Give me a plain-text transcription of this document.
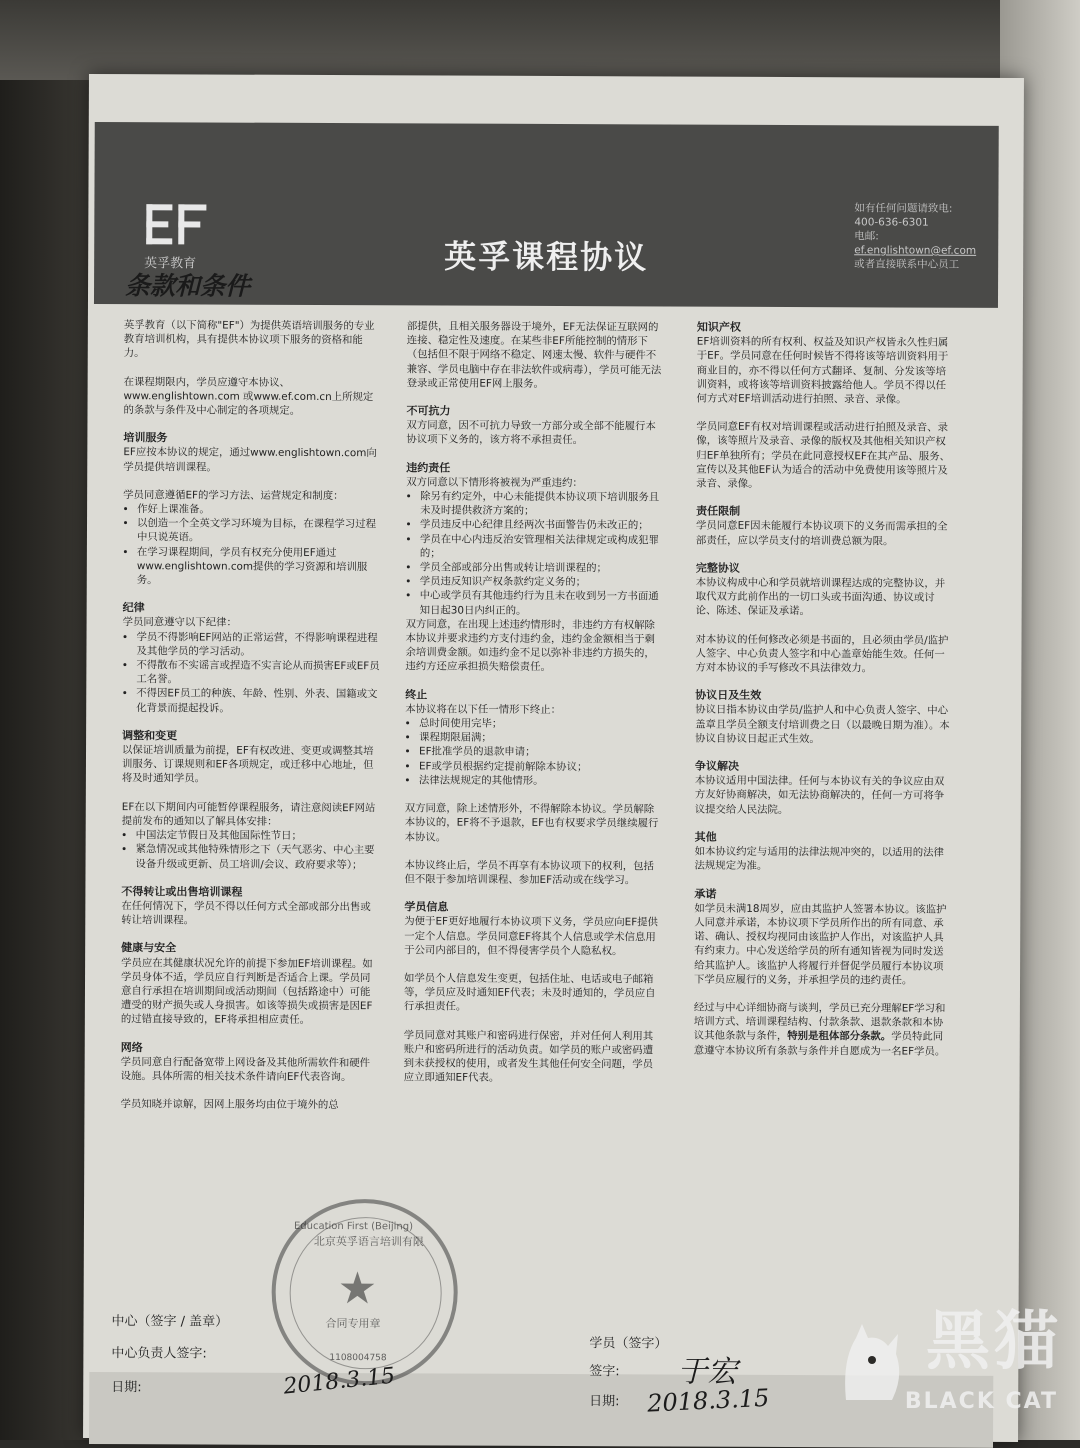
英孚教育	英孚课程协议
如有任何问题请致电:
400-636-6301
电邮: ef.englishtown@ef.com
或者直接联系中心员工
条款和条件

英孚教育（以下简称"EF"）为提供英语培训服务的专业教育培训机构，具有提供本协议项下服务的资格和能力。

在课程期限内，学员应遵守本协议、www.englishtown.com 或www.ef.com.cn上所规定的条款与条件及中心制定的各项规定。

培训服务

EF应按本协议的规定，通过www.englishtown.com向学员提供培训课程。

学员同意遵循EF的学习方法、运营规定和制度：

• 作好上课准备。
• 以创造一个全英文学习环境为目标，在课程学习过程中只说英语。
• 在学习课程期间，学员有权充分使用EF通过www.englishtown.com提供的学习资源和培训服务。
纪律

学员同意遵守以下纪律：

• 学员不得影响EF网站的正常运营，不得影响课程进程及其他学员的学习活动。
• 不得散布不实谣言或捏造不实言论从而损害EF或EF员工名誉。
• 不得因EF员工的种族、年龄、性别、外表、国籍或文化背景而提起投诉。
调整和变更

以保证培训质量为前提，EF有权改进、变更或调整其培训服务、订课规则和EF各项规定，或迁移中心地址，但将及时通知学员。

EF在以下期间内可能暂停课程服务，请注意阅读EF网站提前发布的通知以了解具体安排：

• 中国法定节假日及其他国际性节日；
• 紧急情况或其他特殊情形之下（天气恶劣、中心主要设备升级或更新、员工培训/会议、政府要求等）；
不得转让或出售培训课程

在任何情况下，学员不得以任何方式全部或部分出售或转让培训课程。

健康与安全

学员应在其健康状况允许的前提下参加EF培训课程。如学员身体不适，学员应自行判断是否适合上课。学员同意自行承担在培训期间或活动期间（包括路途中）可能遭受的财产损失或人身损害。如该等损失或损害是因EF的过错直接导致的，EF将承担相应责任。

网络

学员同意自行配备宽带上网设备及其他所需软件和硬件设施。具体所需的相关技术条件请向EF代表咨询。

学员知晓并谅解，因网上服务均由位于境外的总

部提供，且相关服务器设于境外，EF无法保证互联网的连接、稳定性及速度。在某些非EF所能控制的情形下（包括但不限于网络不稳定、网速太慢、软件与硬件不兼容、学员电脑中存在非法软件或病毒），学员可能无法登录或正常使用EF网上服务。

不可抗力

双方同意，因不可抗力导致一方部分或全部不能履行本协议项下义务的，该方将不承担责任。

违约责任

双方同意以下情形将被视为严重违约：

• 除另有约定外，中心未能提供本协议项下培训服务且未及时提供救济方案的；
• 学员违反中心纪律且经两次书面警告仍未改正的；
• 学员在中心内违反治安管理相关法律规定或构成犯罪的；
• 学员全部或部分出售或转让培训课程的；
• 学员违反知识产权条款约定义务的；
• 中心或学员有其他违约行为且未在收到另一方书面通知日起30日内纠正的。

双方同意，在出现上述违约情形时，非违约方有权解除本协议并要求违约方支付违约金，违约金金额相当于剩余培训费金额。如违约金不足以弥补非违约方损失的，违约方还应承担损失赔偿责任。

终止

本协议将在以下任一情形下终止：

• 总时间使用完毕；
• 课程期限届满；
• EF批准学员的退款申请；
• EF或学员根据约定提前解除本协议；
• 法律法规规定的其他情形。

双方同意，除上述情形外，不得解除本协议。学员解除本协议的，EF将不予退款，EF也有权要求学员继续履行本协议。

本协议终止后，学员不再享有本协议项下的权利，包括但不限于参加培训课程、参加EF活动或在线学习。

学员信息

为便于EF更好地履行本协议项下义务，学员应向EF提供一定个人信息。学员同意EF将其个人信息或学术信息用于公司内部目的，但不得侵害学员个人隐私权。

如学员个人信息发生变更，包括住址、电话或电子邮箱等，学员应及时通知EF代表；未及时通知的，学员应自行承担责任。

学员同意对其账户和密码进行保密，并对任何人利用其账户和密码所进行的活动负责。如学员的账户或密码遭到未获授权的使用，或者发生其他任何安全问题，学员应立即通知EF代表。

知识产权

EF培训资料的所有权利、权益及知识产权皆永久性归属于EF。学员同意在任何时候皆不得将该等培训资料用于商业目的，亦不得以任何方式翻译、复制、分发该等培训资料，或将该等培训资料披露给他人。学员不得以任何方式对EF培训活动进行拍照、录音、录像。

学员同意EF有权对培训课程或活动进行拍照及录音、录像，该等照片及录音、录像的版权及其他相关知识产权归EF单独所有；学员在此同意授权EF在其产品、服务、宣传以及其他EF认为适合的活动中免费使用该等照片及录音、录像。

责任限制

学员同意EF因未能履行本协议项下的义务而需承担的全部责任，应以学员支付的培训费总额为限。

完整协议

本协议构成中心和学员就培训课程达成的完整协议，并取代双方此前作出的一切口头或书面沟通、协议或讨论、陈述、保证及承诺。

对本协议的任何修改必须是书面的，且必须由学员/监护人签字、中心负责人签字和中心盖章始能生效。任何一方对本协议的手写修改不具法律效力。

协议日及生效

协议日指本协议由学员/监护人和中心负责人签字、中心盖章且学员全额支付培训费之日（以最晚日期为准）。本协议自协议日起正式生效。

争议解决

本协议适用中国法律。任何与本协议有关的争议应由双方友好协商解决，如无法协商解决的，任何一方可将争议提交给人民法院。

其他

如本协议约定与适用的法律法规冲突的，以适用的法律法规规定为准。

承诺

如学员未满18周岁，应由其监护人签署本协议。该监护人同意并承诺，本协议项下学员所作出的所有同意、承诺、确认、授权均视同由该监护人作出，对该监护人具有约束力。中心发送给学员的所有通知皆视为同时发送给其监护人。该监护人将履行并督促学员履行本协议项下学员应履行的义务，并承担学员的违约责任。

经过与中心详细协商与谈判，学员已充分理解EF学习和培训方式、培训课程结构、付款条款、退款条款和本协议其他条款与条件，特别是租体部分条款。学员特此同意遵守本协议所有条款与条件并自愿成为一名EF学员。

中心（签字 / 盖章）
中心负责人签字:
日期:
学员（签字）
签字:
日期:
Education First (Beijing)
★
北京英孚语言培训有限
合同专用章
1108004758
2018.3.15	于宏
2018.3.15
黑猫
BLACK CAT
